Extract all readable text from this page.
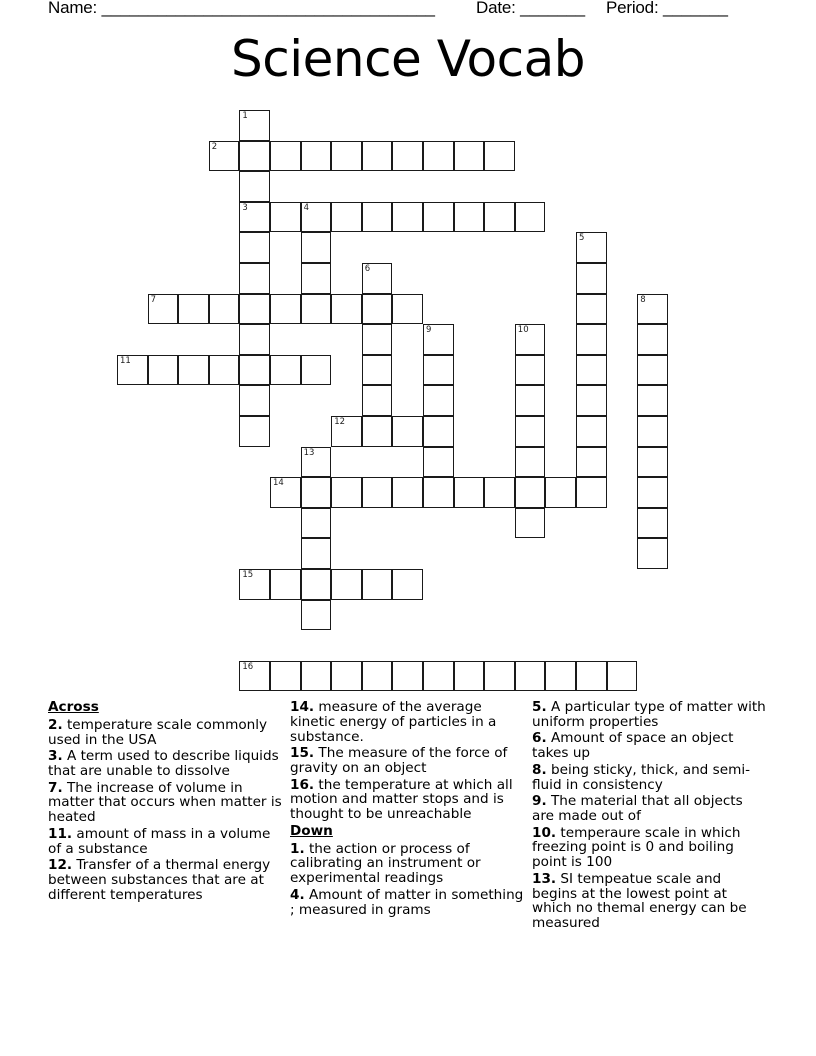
Name: ____________________________________ Date: _______ Period: _______
Science Vocab
1
3
2
4
5
6
7	8
9	10
11
12
13
14
15
16
Across
2. temperature scale commonly used in the USA
3. A term used to describe liquids that are unable to dissolve
7. The increase of volume in matter that occurs when matter is heated
11. amount of mass in a volume of a substance
12. Transfer of a thermal energy between substances that are at different temperatures
14. measure of the average kinetic energy of particles in a substance.
15. The measure of the force of gravity on an object
16. the temperature at which all motion and matter stops and is thought to be unreachable
Down
1. the action or process of calibrating an instrument or experimental readings
4. Amount of matter in something ; measured in grams
5. A particular type of matter with uniform properties
6. Amount of space an object takes up
8. being sticky, thick, and semi-fluid in consistency
9. The material that all objects are made out of
10. temperaure scale in which freezing point is 0 and boiling point is 100
13. SI tempeatue scale and begins at the lowest point at which no themal energy can be measured
